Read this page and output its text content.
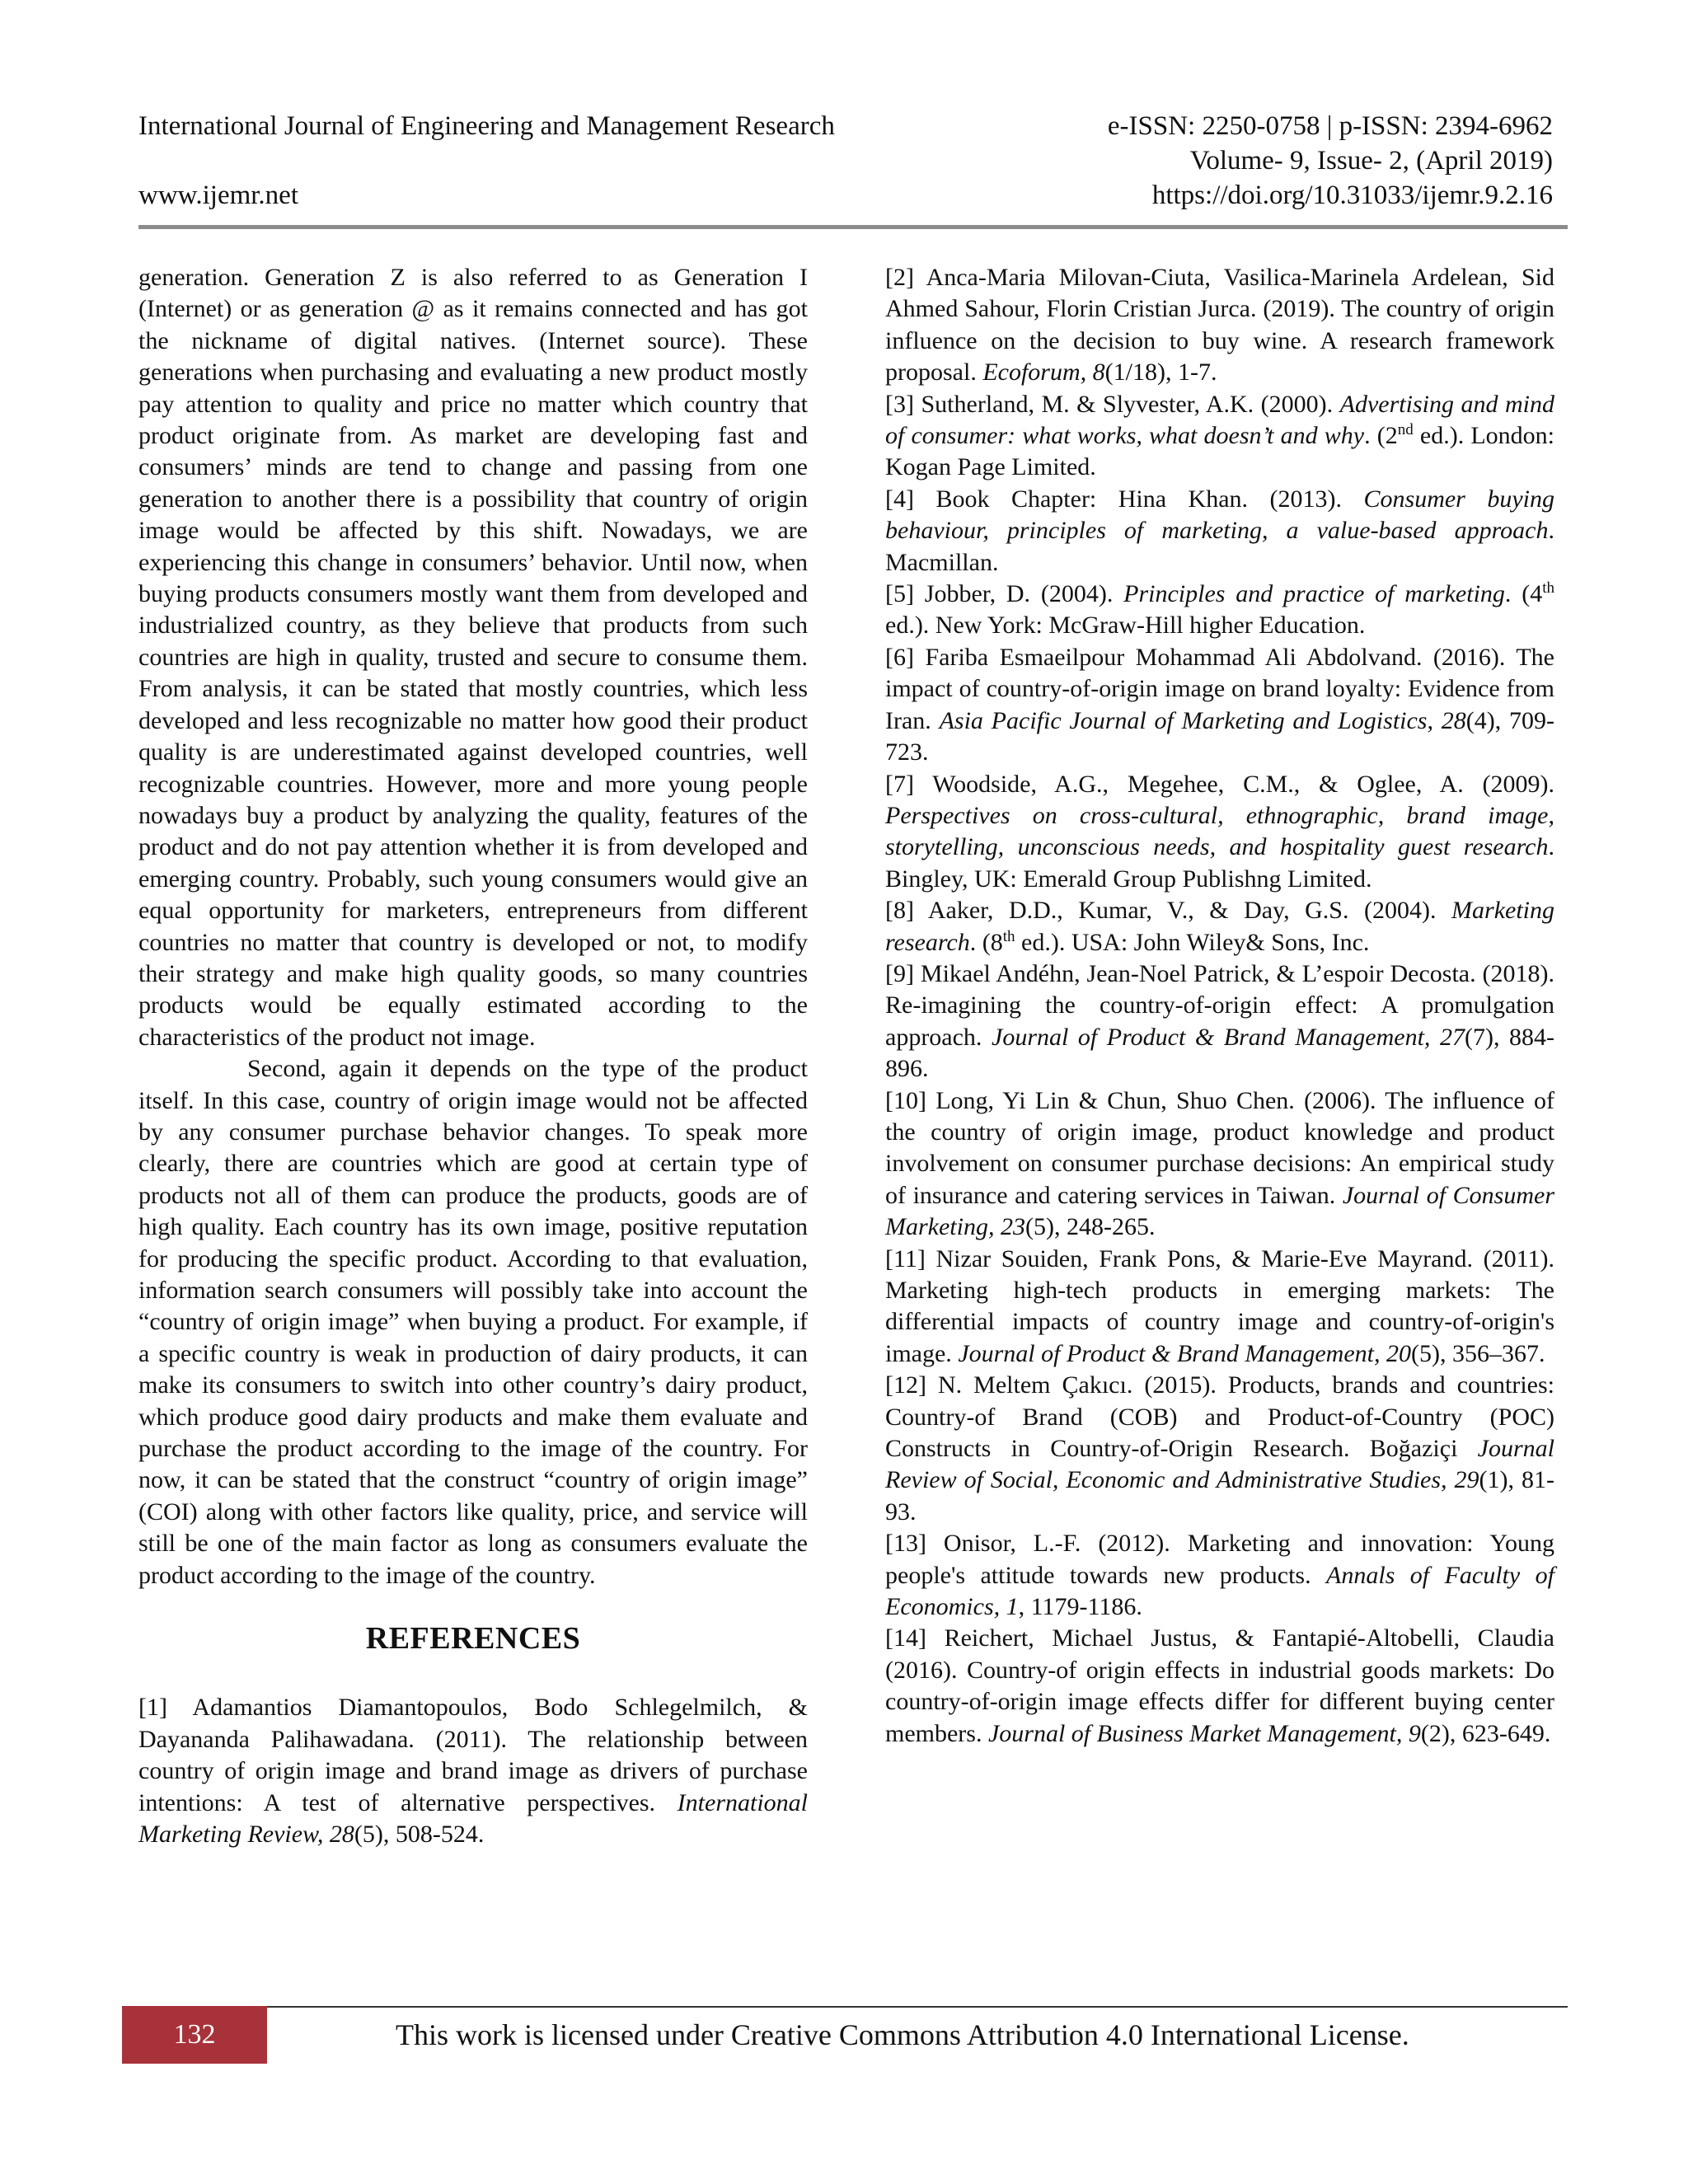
International Journal of Engineering and Management Research	e-ISSN: 2250-0758 | p-ISSN: 2394-6962
Volume- 9, Issue- 2, (April 2019)
www.ijemr.net	https://doi.org/10.31033/ijemr.9.2.16

generation. Generation Z is also referred to as Generation I (Internet) or as generation @ as it remains connected and has got the nickname of digital natives. (Internet source). These generations when purchasing and evaluating a new product mostly pay attention to quality and price no matter which country that product originate from. As market are developing fast and consumers’ minds are tend to change and passing from one generation to another there is a possibility that country of origin image would be affected by this shift. Nowadays, we are experiencing this change in consumers’ behavior. Until now, when buying products consumers mostly want them from developed and industrialized country, as they believe that products from such countries are high in quality, trusted and secure to consume them. From analysis, it can be stated that mostly countries, which less developed and less recognizable no matter how good their product quality is are underestimated against developed countries, well recognizable countries. However, more and more young people nowadays buy a product by analyzing the quality, features of the product and do not pay attention whether it is from developed and emerging country. Probably, such young consumers would give an equal opportunity for marketers, entrepreneurs from different countries no matter that country is developed or not, to modify their strategy and make high quality goods, so many countries products would be equally estimated according to the characteristics of the product not image.

Second, again it depends on the type of the product itself. In this case, country of origin image would not be affected by any consumer purchase behavior changes. To speak more clearly, there are countries which are good at certain type of products not all of them can produce the products, goods are of high quality. Each country has its own image, positive reputation for producing the specific product. According to that evaluation, information search consumers will possibly take into account the “country of origin image” when buying a product. For example, if a specific country is weak in production of dairy products, it can make its consumers to switch into other country’s dairy product, which produce good dairy products and make them evaluate and purchase the product according to the image of the country. For now, it can be stated that the construct “country of origin image” (COI) along with other factors like quality, price, and service will still be one of the main factor as long as consumers evaluate the product according to the image of the country.

REFERENCES

[1] Adamantios Diamantopoulos, Bodo Schlegelmilch, & Dayananda Palihawadana. (2011). The relationship between country of origin image and brand image as drivers of purchase intentions: A test of alternative perspectives. International Marketing Review, 28(5), 508-524.

[2] Anca-Maria Milovan-Ciuta, Vasilica-Marinela Ardelean, Sid Ahmed Sahour, Florin Cristian Jurca. (2019). The country of origin influence on the decision to buy wine. A research framework proposal. Ecoforum, 8(1/18), 1-7.

[3] Sutherland, M. & Slyvester, A.K. (2000). Advertising and mind of consumer: what works, what doesn’t and why. (2nd ed.). London: Kogan Page Limited.

[4] Book Chapter: Hina Khan. (2013). Consumer buying behaviour, principles of marketing, a value-based approach. Macmillan.

[5] Jobber, D. (2004). Principles and practice of marketing. (4th ed.). New York: McGraw-Hill higher Education.

[6] Fariba Esmaeilpour Mohammad Ali Abdolvand. (2016). The impact of country-of-origin image on brand loyalty: Evidence from Iran. Asia Pacific Journal of Marketing and Logistics, 28(4), 709-723.

[7] Woodside, A.G., Megehee, C.M., & Oglee, A. (2009). Perspectives on cross-cultural, ethnographic, brand image, storytelling, unconscious needs, and hospitality guest research. Bingley, UK: Emerald Group Publishng Limited.

[8] Aaker, D.D., Kumar, V., & Day, G.S. (2004). Marketing research. (8th ed.). USA: John Wiley& Sons, Inc.

[9] Mikael Andéhn, Jean-Noel Patrick, & L’espoir Decosta. (2018). Re-imagining the country-of-origin effect: A promulgation approach. Journal of Product & Brand Management, 27(7), 884-896.

[10] Long, Yi Lin & Chun, Shuo Chen. (2006). The influence of the country of origin image, product knowledge and product involvement on consumer purchase decisions: An empirical study of insurance and catering services in Taiwan. Journal of Consumer Marketing, 23(5), 248-265.

[11] Nizar Souiden, Frank Pons, & Marie-Eve Mayrand. (2011). Marketing high-tech products in emerging markets: The differential impacts of country image and country-of-origin's image. Journal of Product & Brand Management, 20(5), 356–367.

[12] N. Meltem Çakıcı. (2015). Products, brands and countries: Country-of Brand (COB) and Product-of-Country (POC) Constructs in Country-of-Origin Research. Boğaziçi Journal Review of Social, Economic and Administrative Studies, 29(1), 81-93.

[13] Onisor, L.-F. (2012). Marketing and innovation: Young people's attitude towards new products. Annals of Faculty of Economics, 1, 1179-1186.

[14] Reichert, Michael Justus, & Fantapié-Altobelli, Claudia (2016). Country-of origin effects in industrial goods markets: Do country-of-origin image effects differ for different buying center members. Journal of Business Market Management, 9(2), 623-649.

132	This work is licensed under Creative Commons Attribution 4.0 International License.
